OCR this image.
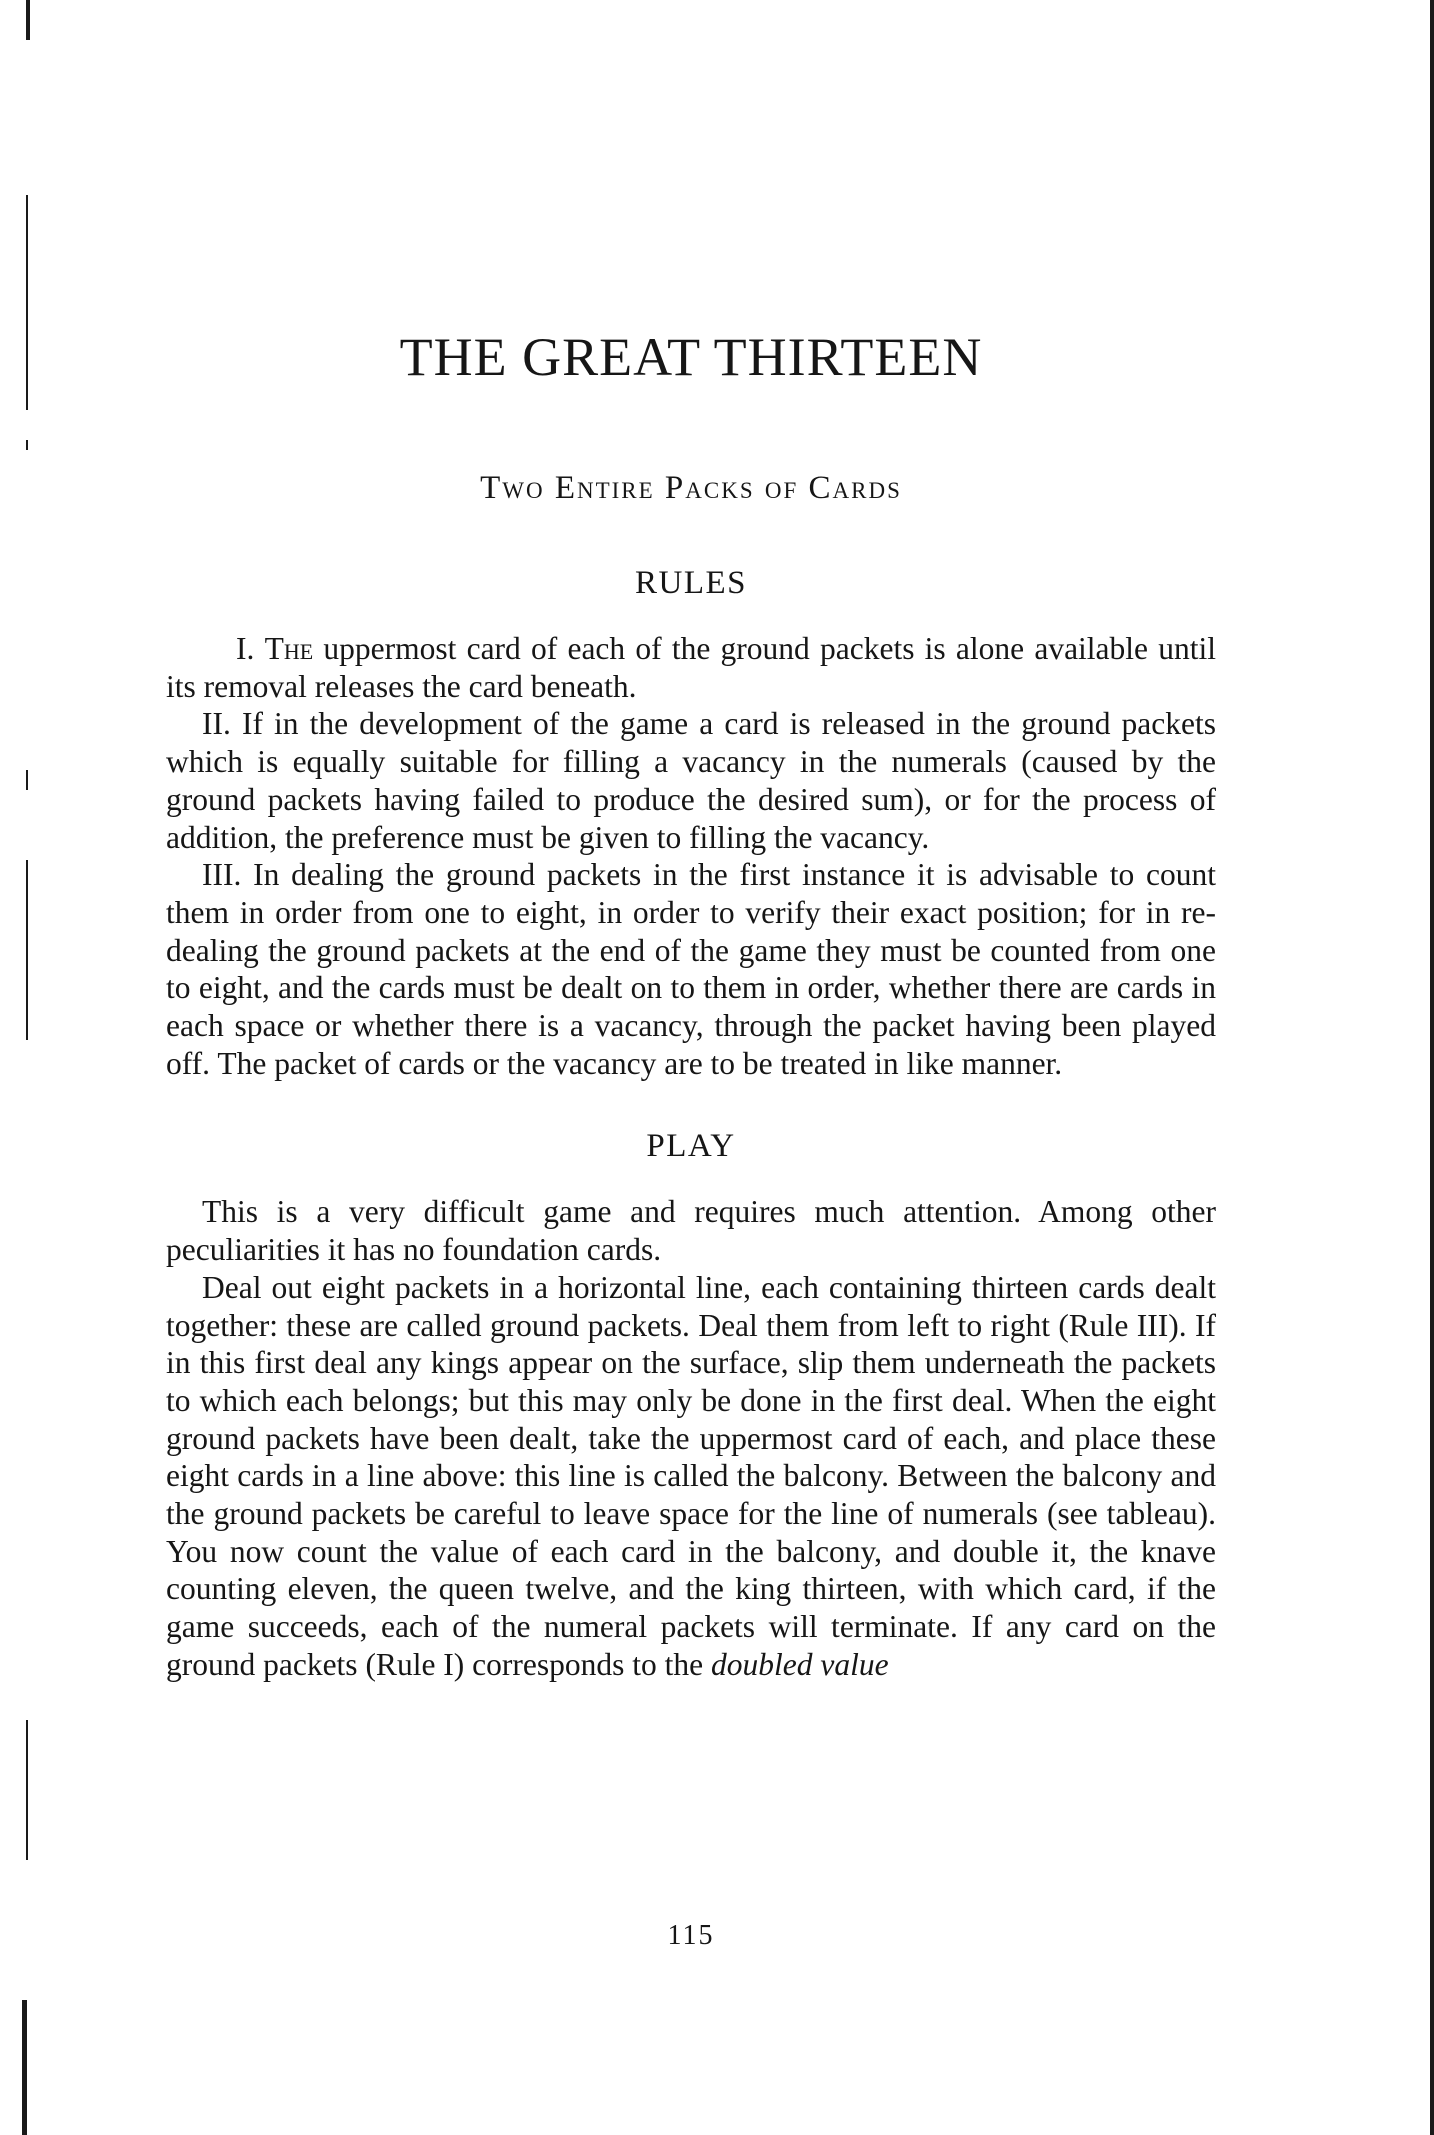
THE GREAT THIRTEEN
Two Entire Packs of Cards
RULES

I. The uppermost card of each of the ground packets is alone available until its removal releases the card beneath.

II. If in the development of the game a card is released in the ground packets which is equally suitable for filling a vacancy in the numerals (caused by the ground packets having failed to produce the desired sum), or for the process of addition, the preference must be given to filling the vacancy.

III. In dealing the ground packets in the first instance it is advisable to count them in order from one to eight, in order to verify their exact position; for in re-dealing the ground packets at the end of the game they must be counted from one to eight, and the cards must be dealt on to them in order, whether there are cards in each space or whether there is a vacancy, through the packet having been played off. The packet of cards or the vacancy are to be treated in like manner.

PLAY

This is a very difficult game and requires much attention. Among other peculiarities it has no foundation cards.

Deal out eight packets in a horizontal line, each containing thirteen cards dealt together: these are called ground packets. Deal them from left to right (Rule III). If in this first deal any kings appear on the surface, slip them underneath the packets to which each belongs; but this may only be done in the first deal. When the eight ground packets have been dealt, take the uppermost card of each, and place these eight cards in a line above: this line is called the balcony. Between the balcony and the ground packets be careful to leave space for the line of numerals (see tableau). You now count the value of each card in the balcony, and double it, the knave counting eleven, the queen twelve, and the king thirteen, with which card, if the game succeeds, each of the numeral packets will terminate. If any card on the ground packets (Rule I) corresponds to the doubled value

115
